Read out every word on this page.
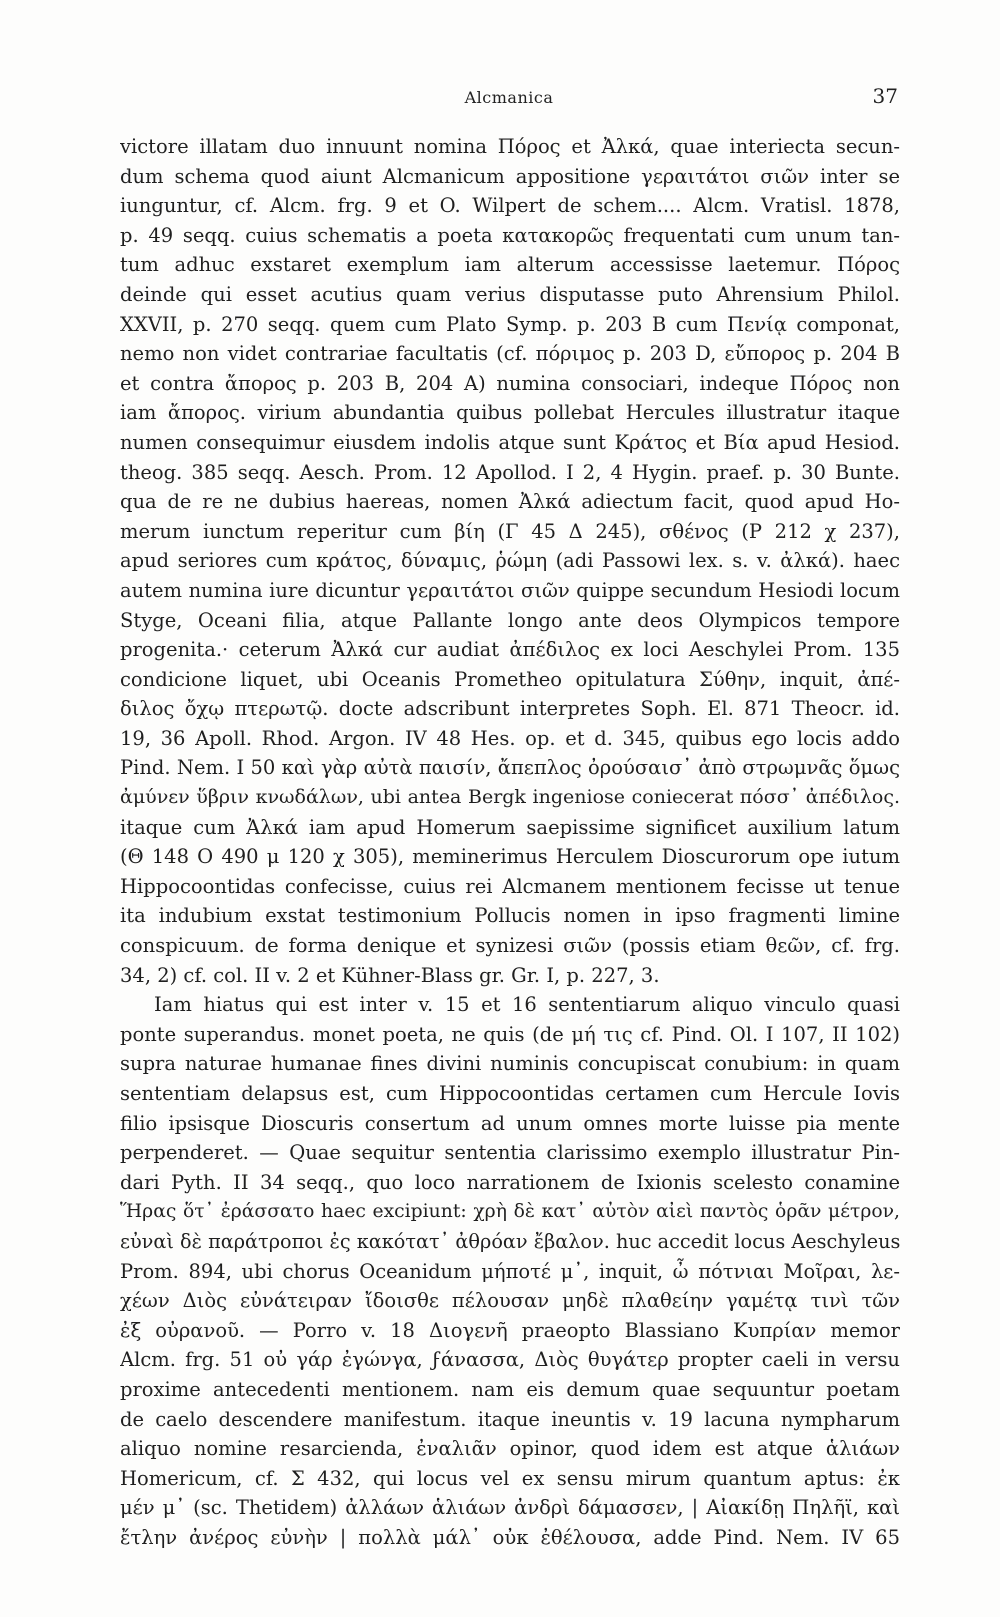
Alcmanica	37
victore illatam duo innuunt nomina Πόρος et Ἀλκά, quae interiecta secun-
dum schema quod aiunt Alcmanicum appositione γεραιτάτοι σιῶν inter se
iunguntur, cf. Alcm. frg. 9 et O. Wilpert de schem.... Alcm. Vratisl. 1878,
p. 49 seqq. cuius schematis a poeta κατακορῶς frequentati cum unum tan-
tum adhuc exstaret exemplum iam alterum accessisse laetemur. Πόρος
deinde qui esset acutius quam verius disputasse puto Ahrensium Philol.
XXVII, p. 270 seqq. quem cum Plato Symp. p. 203 B cum Πενίᾳ componat,
nemo non videt contrariae facultatis (cf. πόριμος p. 203 D, εὔπορος p. 204 B
et contra ἄπορος p. 203 B, 204 A) numina consociari, indeque Πόρος non
iam ἄπορος. virium abundantia quibus pollebat Hercules illustratur itaque
numen consequimur eiusdem indolis atque sunt Κράτος et Βία apud Hesiod.
theog. 385 seqq. Aesch. Prom. 12 Apollod. I 2, 4 Hygin. praef. p. 30 Bunte.
qua de re ne dubius haereas, nomen Ἀλκά adiectum facit, quod apud Ho-
merum iunctum reperitur cum βίη (Γ 45 Δ 245), σθένος (P 212 χ 237),
apud seriores cum κράτος, δύναμις, ῥώμη (adi Passowi lex. s. v. ἀλκά). haec
autem numina iure dicuntur γεραιτάτοι σιῶν quippe secundum Hesiodi locum
Styge, Oceani filia, atque Pallante longo ante deos Olympicos tempore
progenita.· ceterum Ἀλκά cur audiat ἀπέδιλος ex loci Aeschylei Prom. 135
condicione liquet, ubi Oceanis Prometheo opitulatura Σύθην, inquit, ἀπέ-
διλος ὄχῳ πτερωτῷ. docte adscribunt interpretes Soph. El. 871 Theocr. id.
19, 36 Apoll. Rhod. Argon. IV 48 Hes. op. et d. 345, quibus ego locis addo
Pind. Nem. I 50 καὶ γὰρ αὐτὰ παισίν, ἄπεπλος ὀρούσαισ᾽ ἀπὸ στρωμνᾶς ὅμως
ἀμύνεν ὕβριν κνωδάλων, ubi antea Bergk ingeniose coniecerat πόσσ᾽ ἀπέδιλος.
itaque cum Ἀλκά iam apud Homerum saepissime significet auxilium latum
(Θ 148 Ο 490 μ 120 χ 305), meminerimus Herculem Dioscurorum ope iutum
Hippocoontidas confecisse, cuius rei Alcmanem mentionem fecisse ut tenue
ita indubium exstat testimonium Pollucis nomen in ipso fragmenti limine
conspicuum. de forma denique et synizesi σιῶν (possis etiam θεῶν, cf. frg.
34, 2) cf. col. II v. 2 et Kühner-Blass gr. Gr. I, p. 227, 3.
Iam hiatus qui est inter v. 15 et 16 sententiarum aliquo vinculo quasi
ponte superandus. monet poeta, ne quis (de μή τις cf. Pind. Ol. I 107, II 102)
supra naturae humanae fines divini numinis concupiscat conubium: in quam
sententiam delapsus est, cum Hippocoontidas certamen cum Hercule Iovis
filio ipsisque Dioscuris consertum ad unum omnes morte luisse pia mente
perpenderet. — Quae sequitur sententia clarissimo exemplo illustratur Pin-
dari Pyth. II 34 seqq., quo loco narrationem de Ixionis scelesto conamine
Ἥρας ὅτ᾽ ἐράσσατο haec excipiunt: χρὴ δὲ κατ᾽ αὐτὸν αἰεὶ παντὸς ὁρᾶν μέτρον,
εὐναὶ δὲ παράτροποι ἐς κακότατ᾽ ἀθρόαν ἔβαλον. huc accedit locus Aeschyleus
Prom. 894, ubi chorus Oceanidum μήποτέ μ᾽, inquit, ὦ πότνιαι Μοῖραι, λε-
χέων Διὸς εὐνάτειραν ἴδοισθε πέλουσαν μηδὲ πλαθείην γαμέτᾳ τινὶ τῶν
ἐξ οὐρανοῦ. — Porro v. 18 Διογενῆ praeopto Blassiano Κυπρίαν memor
Alcm. frg. 51 οὐ γάρ ἐγώνγα, ϝάνασσα, Διὸς θυγάτερ propter caeli in versu
proxime antecedenti mentionem. nam eis demum quae sequuntur poetam
de caelo descendere manifestum. itaque ineuntis v. 19 lacuna nympharum
aliquo nomine resarcienda, ἐναλιᾶν opinor, quod idem est atque ἁλιάων
Homericum, cf. Σ 432, qui locus vel ex sensu mirum quantum aptus: ἐκ
μέν μ᾽ (sc. Thetidem) ἀλλάων ἁλιάων ἀνδρὶ δάμασσεν, | Αἰακίδῃ Πηλῆϊ, καὶ
ἔτλην ἀνέρος εὐνὴν | πολλὰ μάλ᾽ οὐκ ἐθέλουσα, adde Pind. Nem. IV 65
